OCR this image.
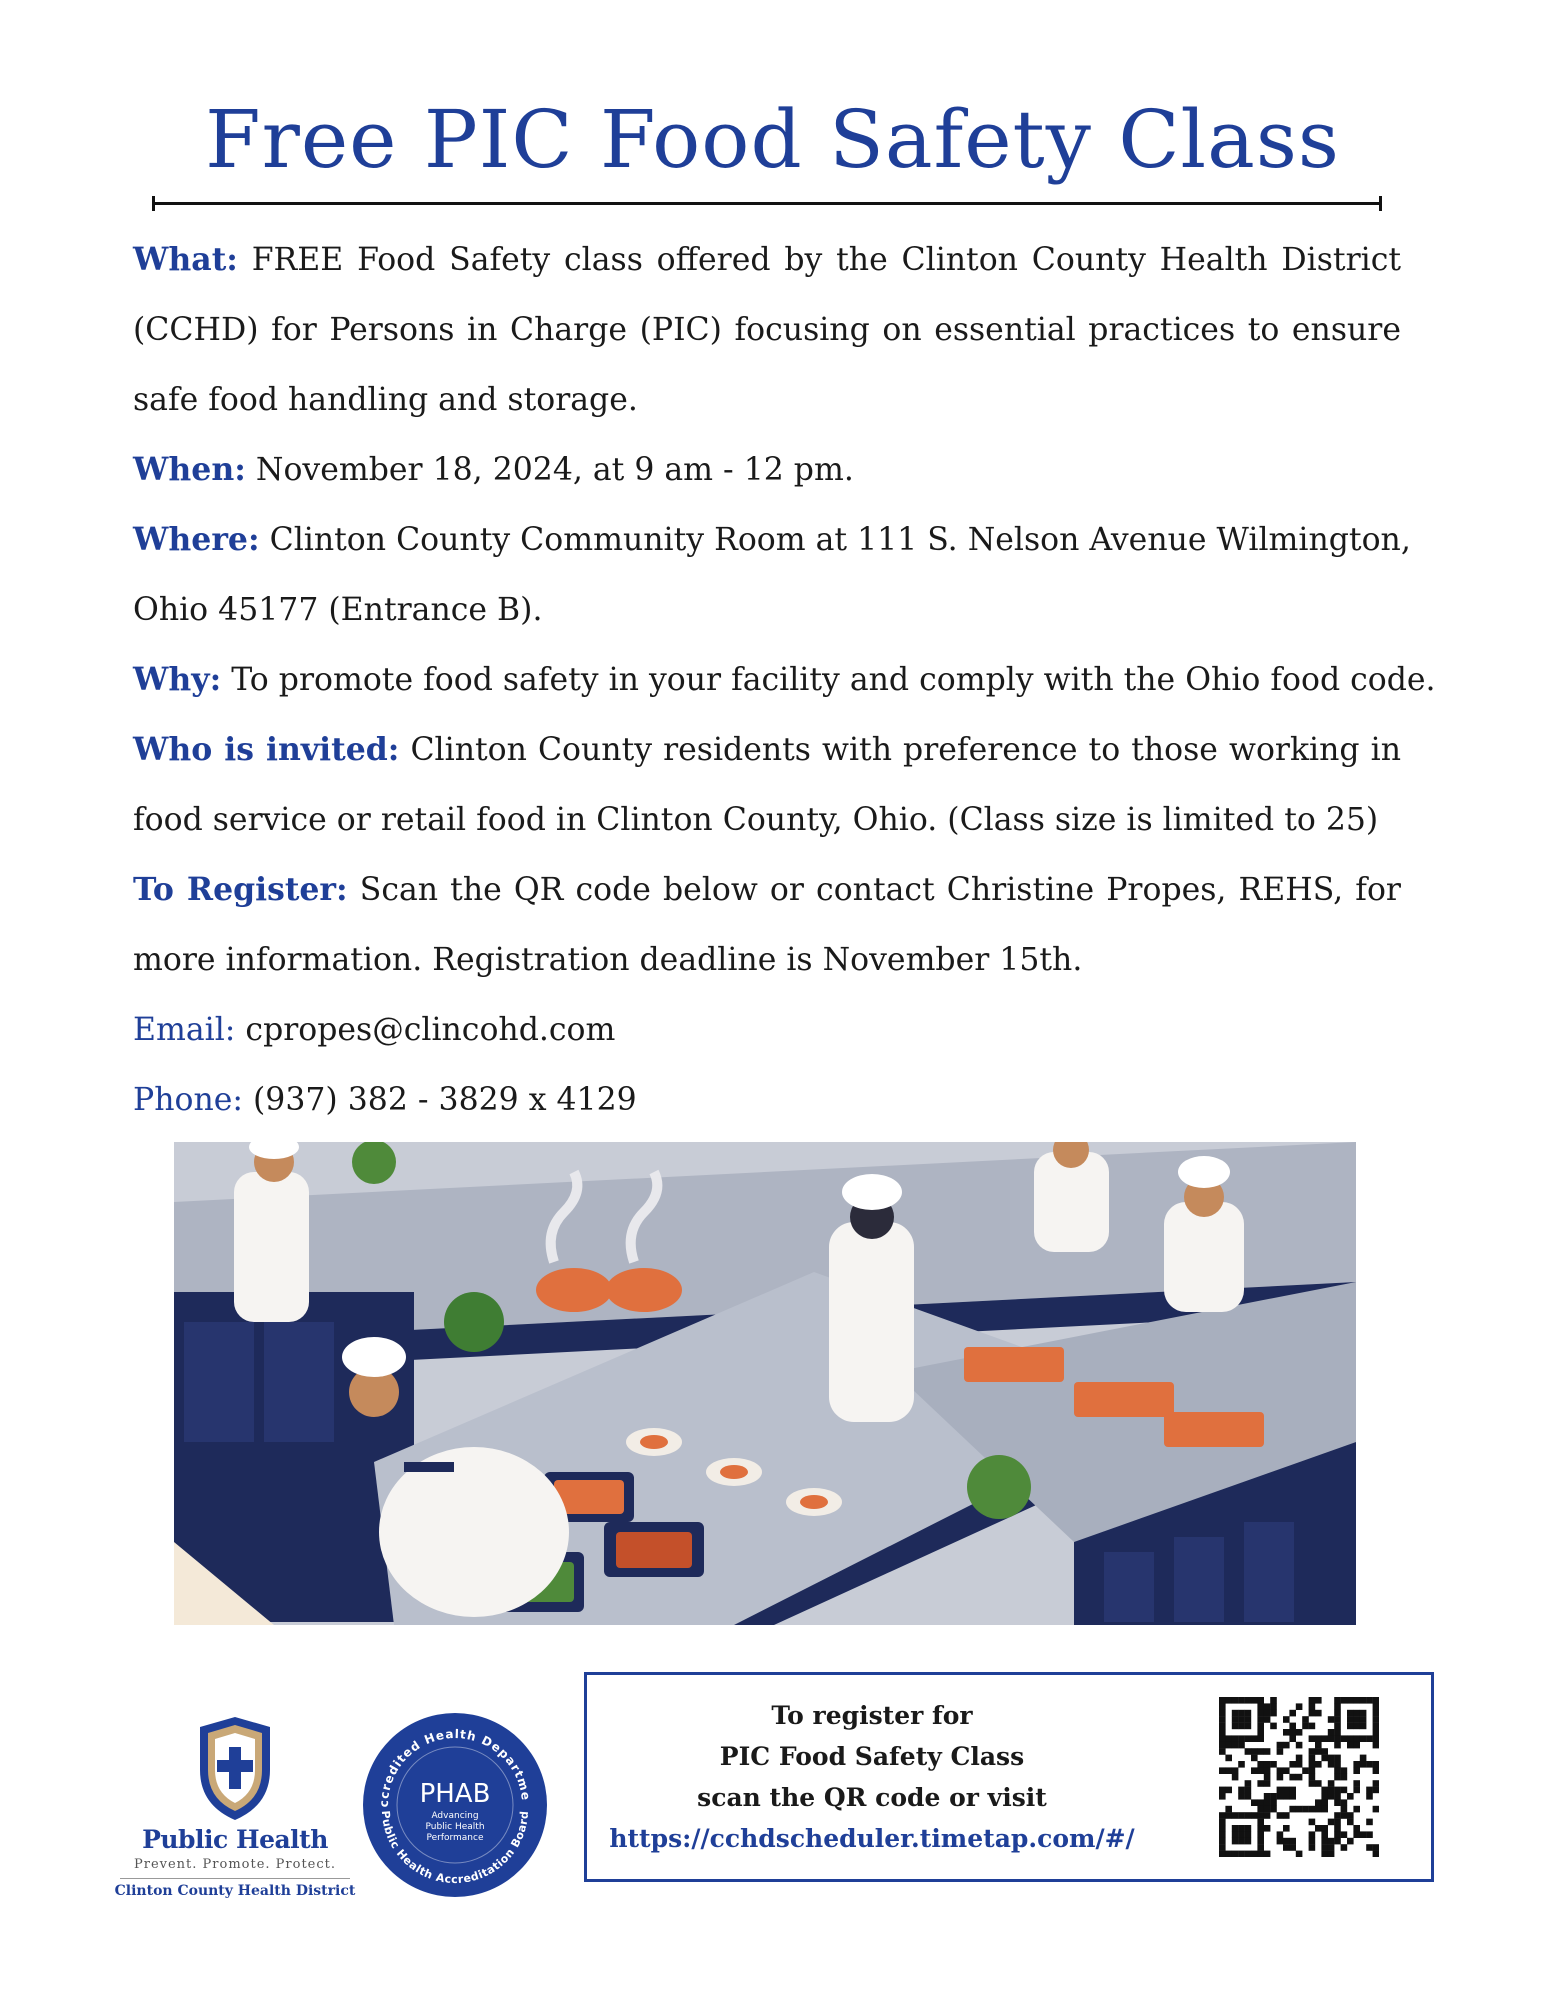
Free PIC Food Safety Class
What: FREE Food Safety class offered by the Clinton County Health District
(CCHD) for Persons in Charge (PIC) focusing on essential practices to ensure
safe food handling and storage.
When: November 18, 2024, at 9 am - 12 pm.
Where: Clinton County Community Room at 111 S. Nelson Avenue Wilmington,
Ohio 45177 (Entrance B).
Why: To promote food safety in your facility and comply with the Ohio food code.
Who is invited: Clinton County residents with preference to those working in
food service or retail food in Clinton County, Ohio. (Class size is limited to 25)
To Register: Scan the QR code below or contact Christine Propes, REHS, for
more information. Registration deadline is November 15th.
Email: cpropes@clincohd.com
Phone: (937) 382 - 3829 x 4129
Public Health
Prevent. Promote. Protect.
Clinton County Health District
ccredited Health Departme
Public Health Accreditation Board
PHAB
Advancing
Public Health
Performance
To register for
PIC Food Safety Class
scan the QR code or visit
https://cchdscheduler.timetap.com/#/
